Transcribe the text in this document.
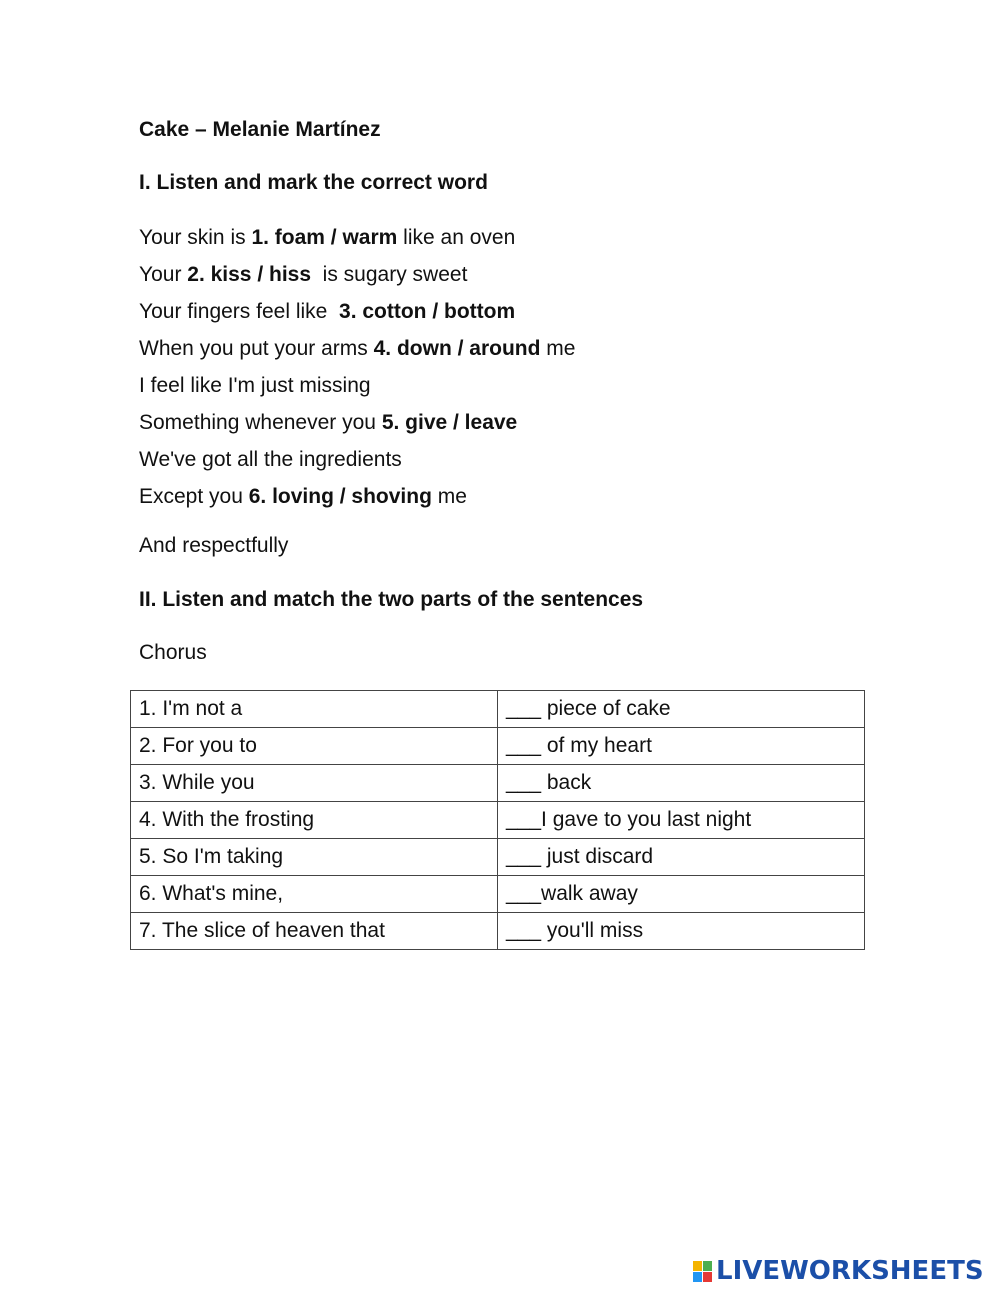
Cake – Melanie Martínez
I. Listen and mark the correct word
Your skin is 1. foam / warm like an oven
Your 2. kiss / hiss  is sugary sweet
Your fingers feel like  3. cotton / bottom
When you put your arms 4. down / around me
I feel like I'm just missing
Something whenever you 5. give / leave
We've got all the ingredients
Except you 6. loving / shoving me
And respectfully
II. Listen and match the two parts of the sentences
Chorus
1. I'm not a	___ piece of cake
2. For you to	___ of my heart
3. While you	___ back
4. With the frosting	___I gave to you last night
5. So I'm taking	___ just discard
6. What's mine,	___walk away
7. The slice of heaven that	___ you'll miss
LIVEWORKSHEETS
